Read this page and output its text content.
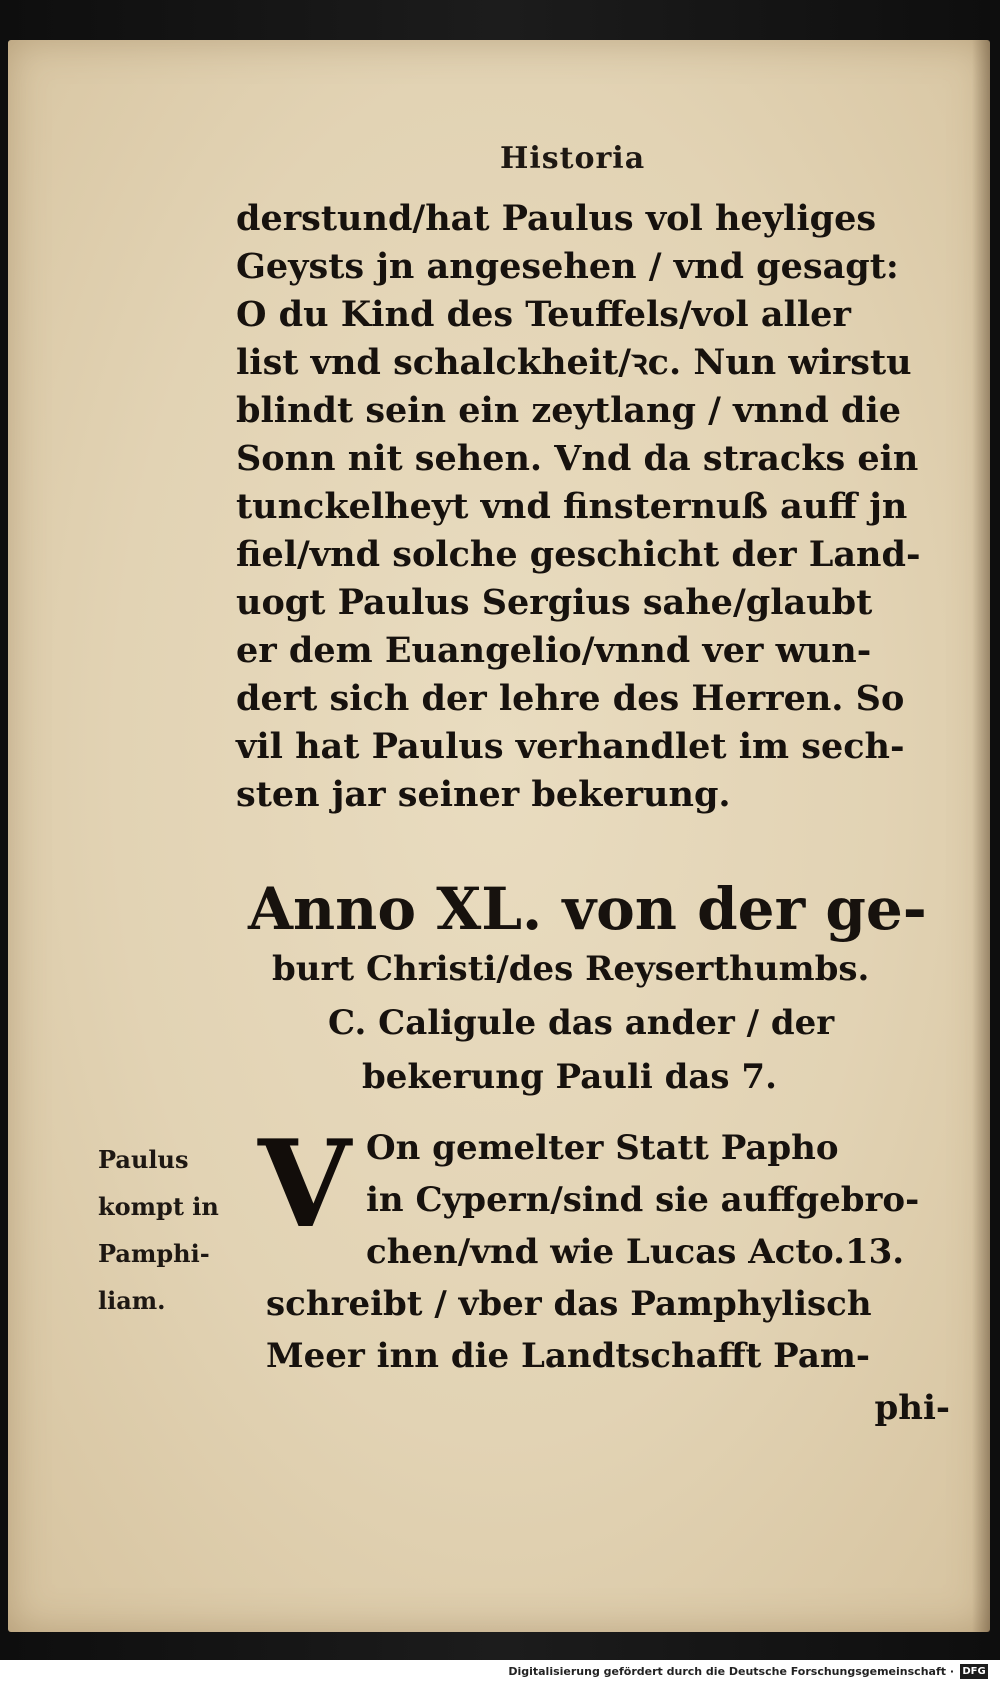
Historia
derstund/hat Paulus vol heyliges
Geysts jn angesehen / vnd gesagt:
O du Kind des Teuffels/vol aller
list vnd schalckheit/ꝛc. Nun wirstu
blindt sein ein zeytlang / vnnd die
Sonn nit sehen. Vnd da stracks ein
tunckelheyt vnd finsternuß auff jn
fiel/vnd solche geschicht der Land-
uogt Paulus Sergius sahe/glaubt
er dem Euangelio/vnnd ver wun-
dert sich der lehre des Herren. So
vil hat Paulus verhandlet im sech-
sten jar seiner bekerung.
Anno XL. von der ge-
burt Christi/des Reyserthumbs.
C. Caligule das ander / der
bekerung Pauli das 7.
Paulus
kompt in
Pamphi-
liam.
V On gemelter Statt Papho
in Cypern/sind sie auffgebro-
chen/vnd wie Lucas Acto.13.
schreibt / vber das Pamphylisch
Meer inn die Landtschafft Pam-
phi-
Digitalisierung gefördert durch die Deutsche Forschungsgemeinschaft · DFG
